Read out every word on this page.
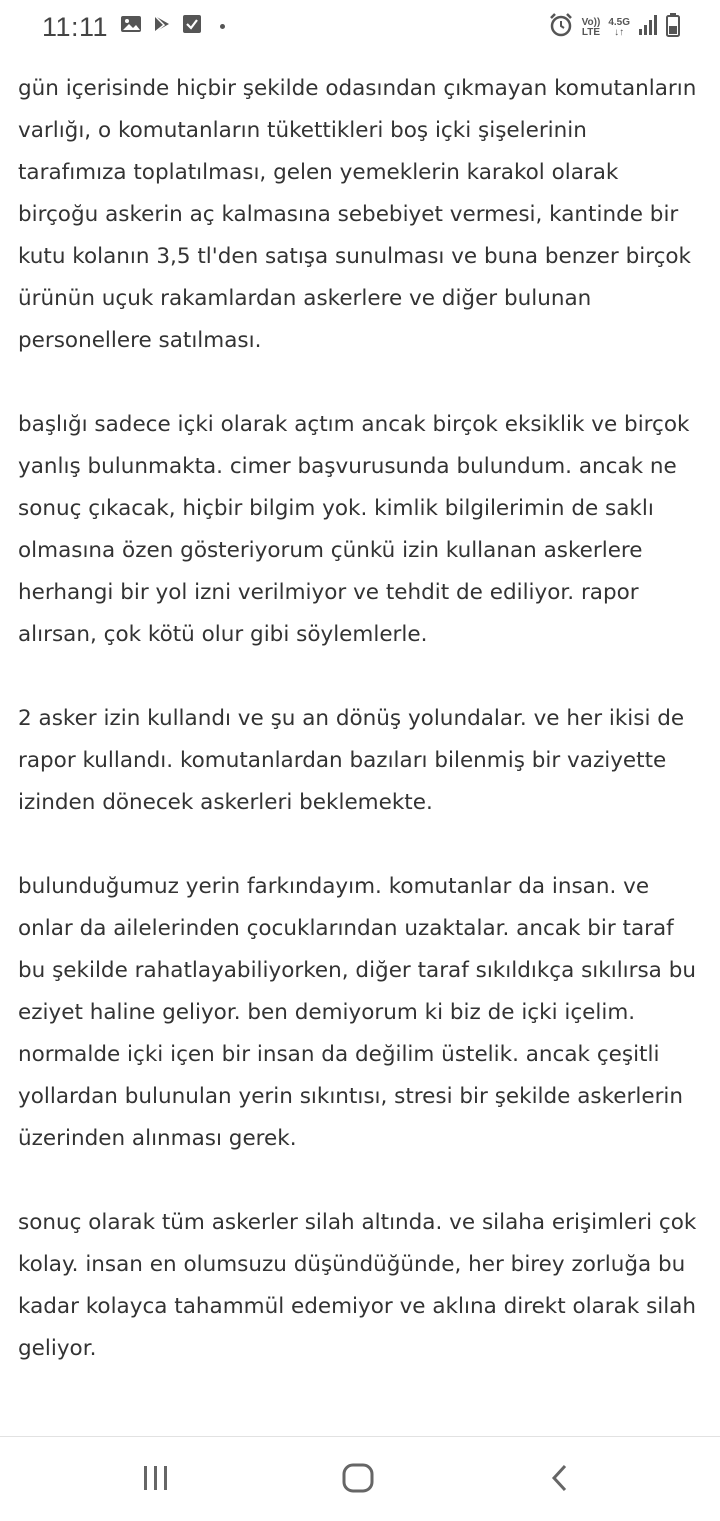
11:11	Vo))
LTE
4.5G
↓↑

gün içerisinde hiçbir şekilde odasından çıkmayan komutanların varlığı, o komutanların tükettikleri boş içki şişelerinin tarafımıza toplatılması, gelen yemeklerin karakol olarak birçoğu askerin aç kalmasına sebebiyet vermesi, kantinde bir kutu kolanın 3,5 tl'den satışa sunulması ve buna benzer birçok ürünün uçuk rakamlardan askerlere ve diğer bulunan personellere satılması.

başlığı sadece içki olarak açtım ancak birçok eksiklik ve birçok yanlış bulunmakta. cimer başvurusunda bulundum. ancak ne sonuç çıkacak, hiçbir bilgim yok. kimlik bilgilerimin de saklı olmasına özen gösteriyorum çünkü izin kullanan askerlere herhangi bir yol izni verilmiyor ve tehdit de ediliyor. rapor alırsan, çok kötü olur gibi söylemlerle.

2 asker izin kullandı ve şu an dönüş yolundalar. ve her ikisi de rapor kullandı. komutanlardan bazıları bilenmiş bir vaziyette izinden dönecek askerleri beklemekte.

bulunduğumuz yerin farkındayım. komutanlar da insan. ve onlar da ailelerinden çocuklarından uzaktalar. ancak bir taraf bu şekilde rahatlayabiliyorken, diğer taraf sıkıldıkça sıkılırsa bu eziyet haline geliyor. ben demiyorum ki biz de içki içelim. normalde içki içen bir insan da değilim üstelik. ancak çeşitli yollardan bulunulan yerin sıkıntısı, stresi bir şekilde askerlerin üzerinden alınması gerek.

sonuç olarak tüm askerler silah altında. ve silaha erişimleri çok kolay. insan en olumsuzu düşündüğünde, her birey zorluğa bu kadar kolayca tahammül edemiyor ve aklına direkt olarak silah geliyor.
